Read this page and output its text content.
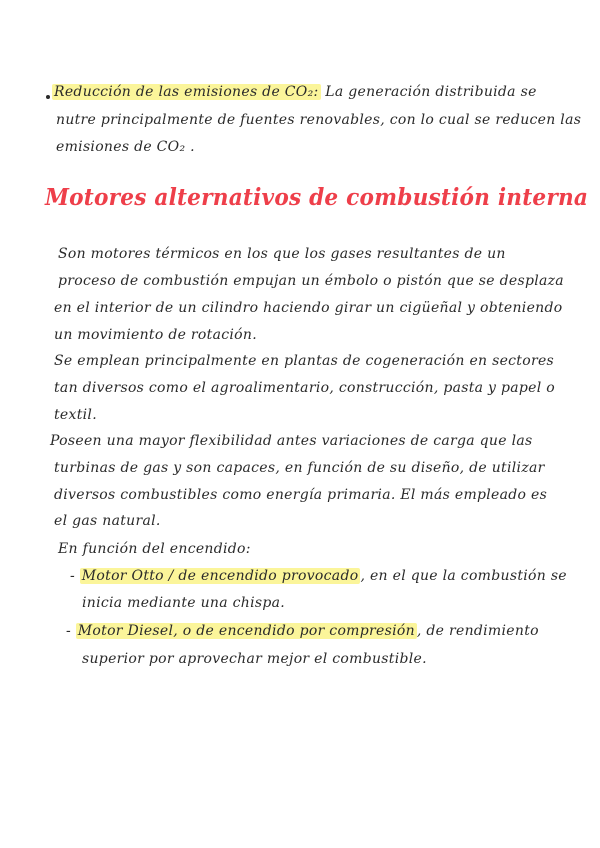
Reducción de las emisiones de CO₂: La generación distribuida se
nutre principalmente de fuentes renovables, con lo cual se reducen las
emisiones de CO₂ .
Motores alternativos de combustión interna
Son motores térmicos en los que los gases resultantes de un
proceso de combustión empujan un émbolo o pistón que se desplaza
en el interior de un cilindro haciendo girar un cigüeñal y obteniendo
un movimiento de rotación.
Se emplean principalmente en plantas de cogeneración en sectores
tan diversos como el agroalimentario, construcción, pasta y papel o
textil.
Poseen una mayor flexibilidad antes variaciones de carga que las
turbinas de gas y son capaces, en función de su diseño, de utilizar
diversos combustibles como energía primaria. El más empleado es
el gas natural.
En función del encendido:
- Motor Otto / de encendido provocado , en el que la combustión se
inicia mediante una chispa.
- Motor Diesel, o de encendido por compresión , de rendimiento
superior por aprovechar mejor el combustible.
